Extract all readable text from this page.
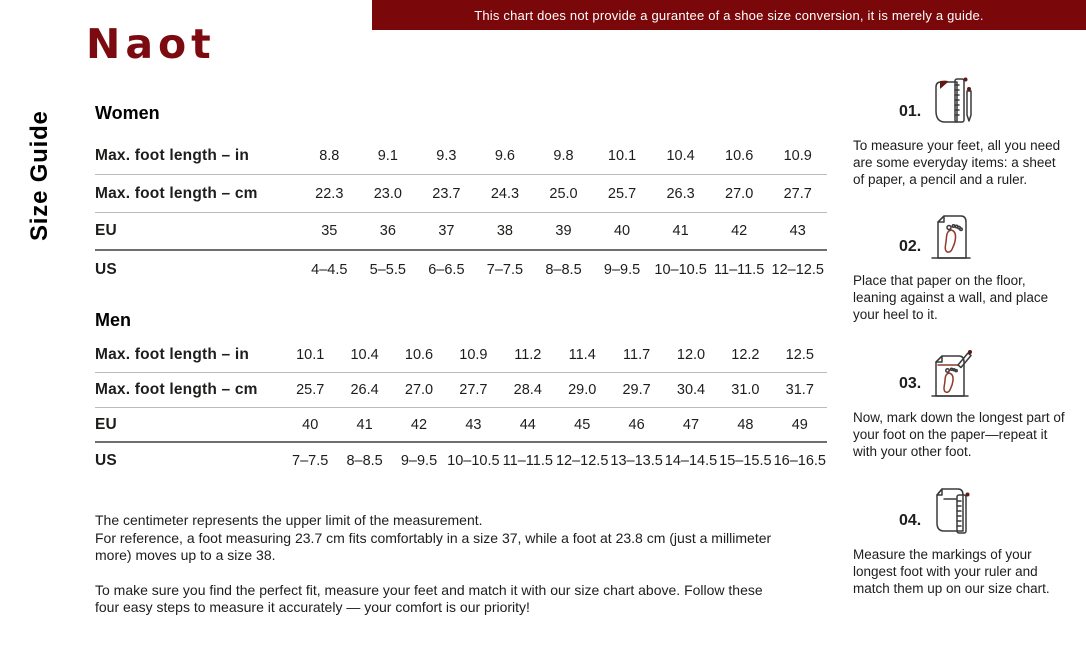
This chart does not provide a gurantee of a shoe size conversion, it is merely a guide.
Naot
Size Guide Women
Max. foot length – in	8.8	9.1	9.3	9.6	9.8	10.1	10.4	10.6	10.9
Max. foot length – cm	22.3	23.0	23.7	24.3	25.0	25.7	26.3	27.0	27.7
EU	35	36	37	38	39	40	41	42	43
US	4–4.5	5–5.5	6–6.5	7–7.5	8–8.5	9–9.5 10–10.5 11–11.5 12–12.5
Men
Max. foot length – in	10.1	10.4	10.6	10.9	11.2	11.4	11.7	12.0	12.2	12.5
Max. foot length – cm	25.7	26.4	27.0	27.7	28.4	29.0	29.7	30.4	31.0	31.7
EU	40	41	42	43	44	45	46	47	48	49
US	7–7.5	8–8.5	9–9.5 10–10.5 11–11.5 12–12.5 13–13.5 14–14.5 15–15.5 16–16.5

The centimeter represents the upper limit of the measurement.
For reference, a foot measuring 23.7 cm fits comfortably in a size 37, while a foot at 23.8 cm (just a millimeter more) moves up to a size 38.

To make sure you find the perfect fit, measure your feet and match it with our size chart above. Follow these four easy steps to measure it accurately — your comfort is our priority!

01.

To measure your feet, all you need are some everyday items: a sheet of paper, a pencil and a ruler.

02.

Place that paper on the floor, leaning against a wall, and place your heel to it.

03.

Now, mark down the longest part of your foot on the paper—repeat it with your other foot.

04.

Measure the markings of your longest foot with your ruler and match them up on our size chart.
